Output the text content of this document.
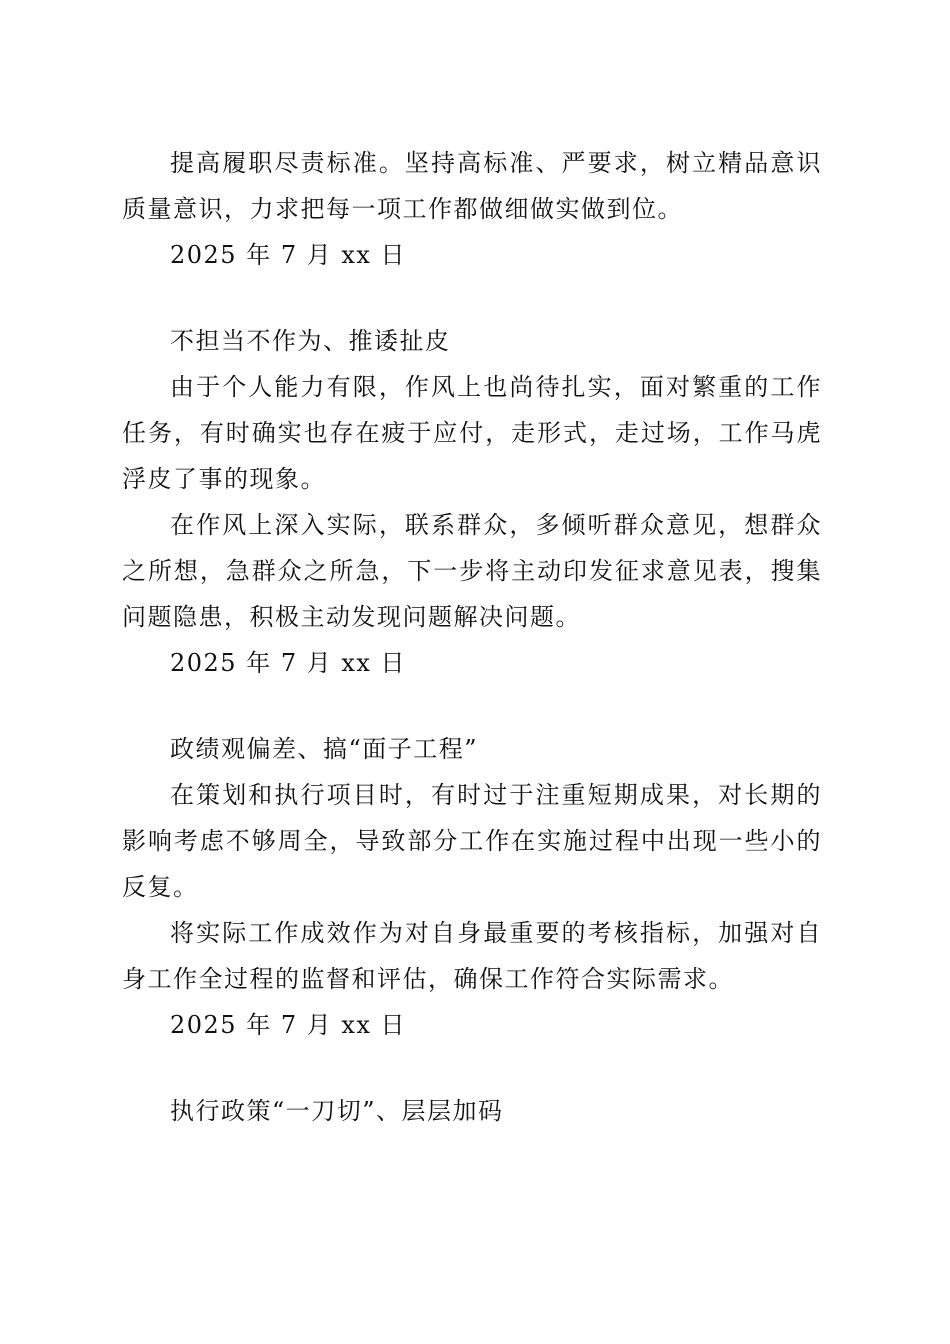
提高履职尽责标准。坚持高标准、严要求，树立精品意识
质量意识，力求把每一项工作都做细做实做到位。
2025 年 7 月 xx 日
不担当不作为、推诿扯皮
由于个人能力有限，作风上也尚待扎实，面对繁重的工作
任务，有时确实也存在疲于应付，走形式，走过场，工作马虎
浮皮了事的现象。
在作风上深入实际，联系群众，多倾听群众意见，想群众
之所想，急群众之所急，下一步将主动印发征求意见表，搜集
问题隐患，积极主动发现问题解决问题。
2025 年 7 月 xx 日
政绩观偏差、搞“面子工程”
在策划和执行项目时，有时过于注重短期成果，对长期的
影响考虑不够周全，导致部分工作在实施过程中出现一些小的
反复。
将实际工作成效作为对自身最重要的考核指标，加强对自
身工作全过程的监督和评估，确保工作符合实际需求。
2025 年 7 月 xx 日
执行政策“一刀切”、层层加码
